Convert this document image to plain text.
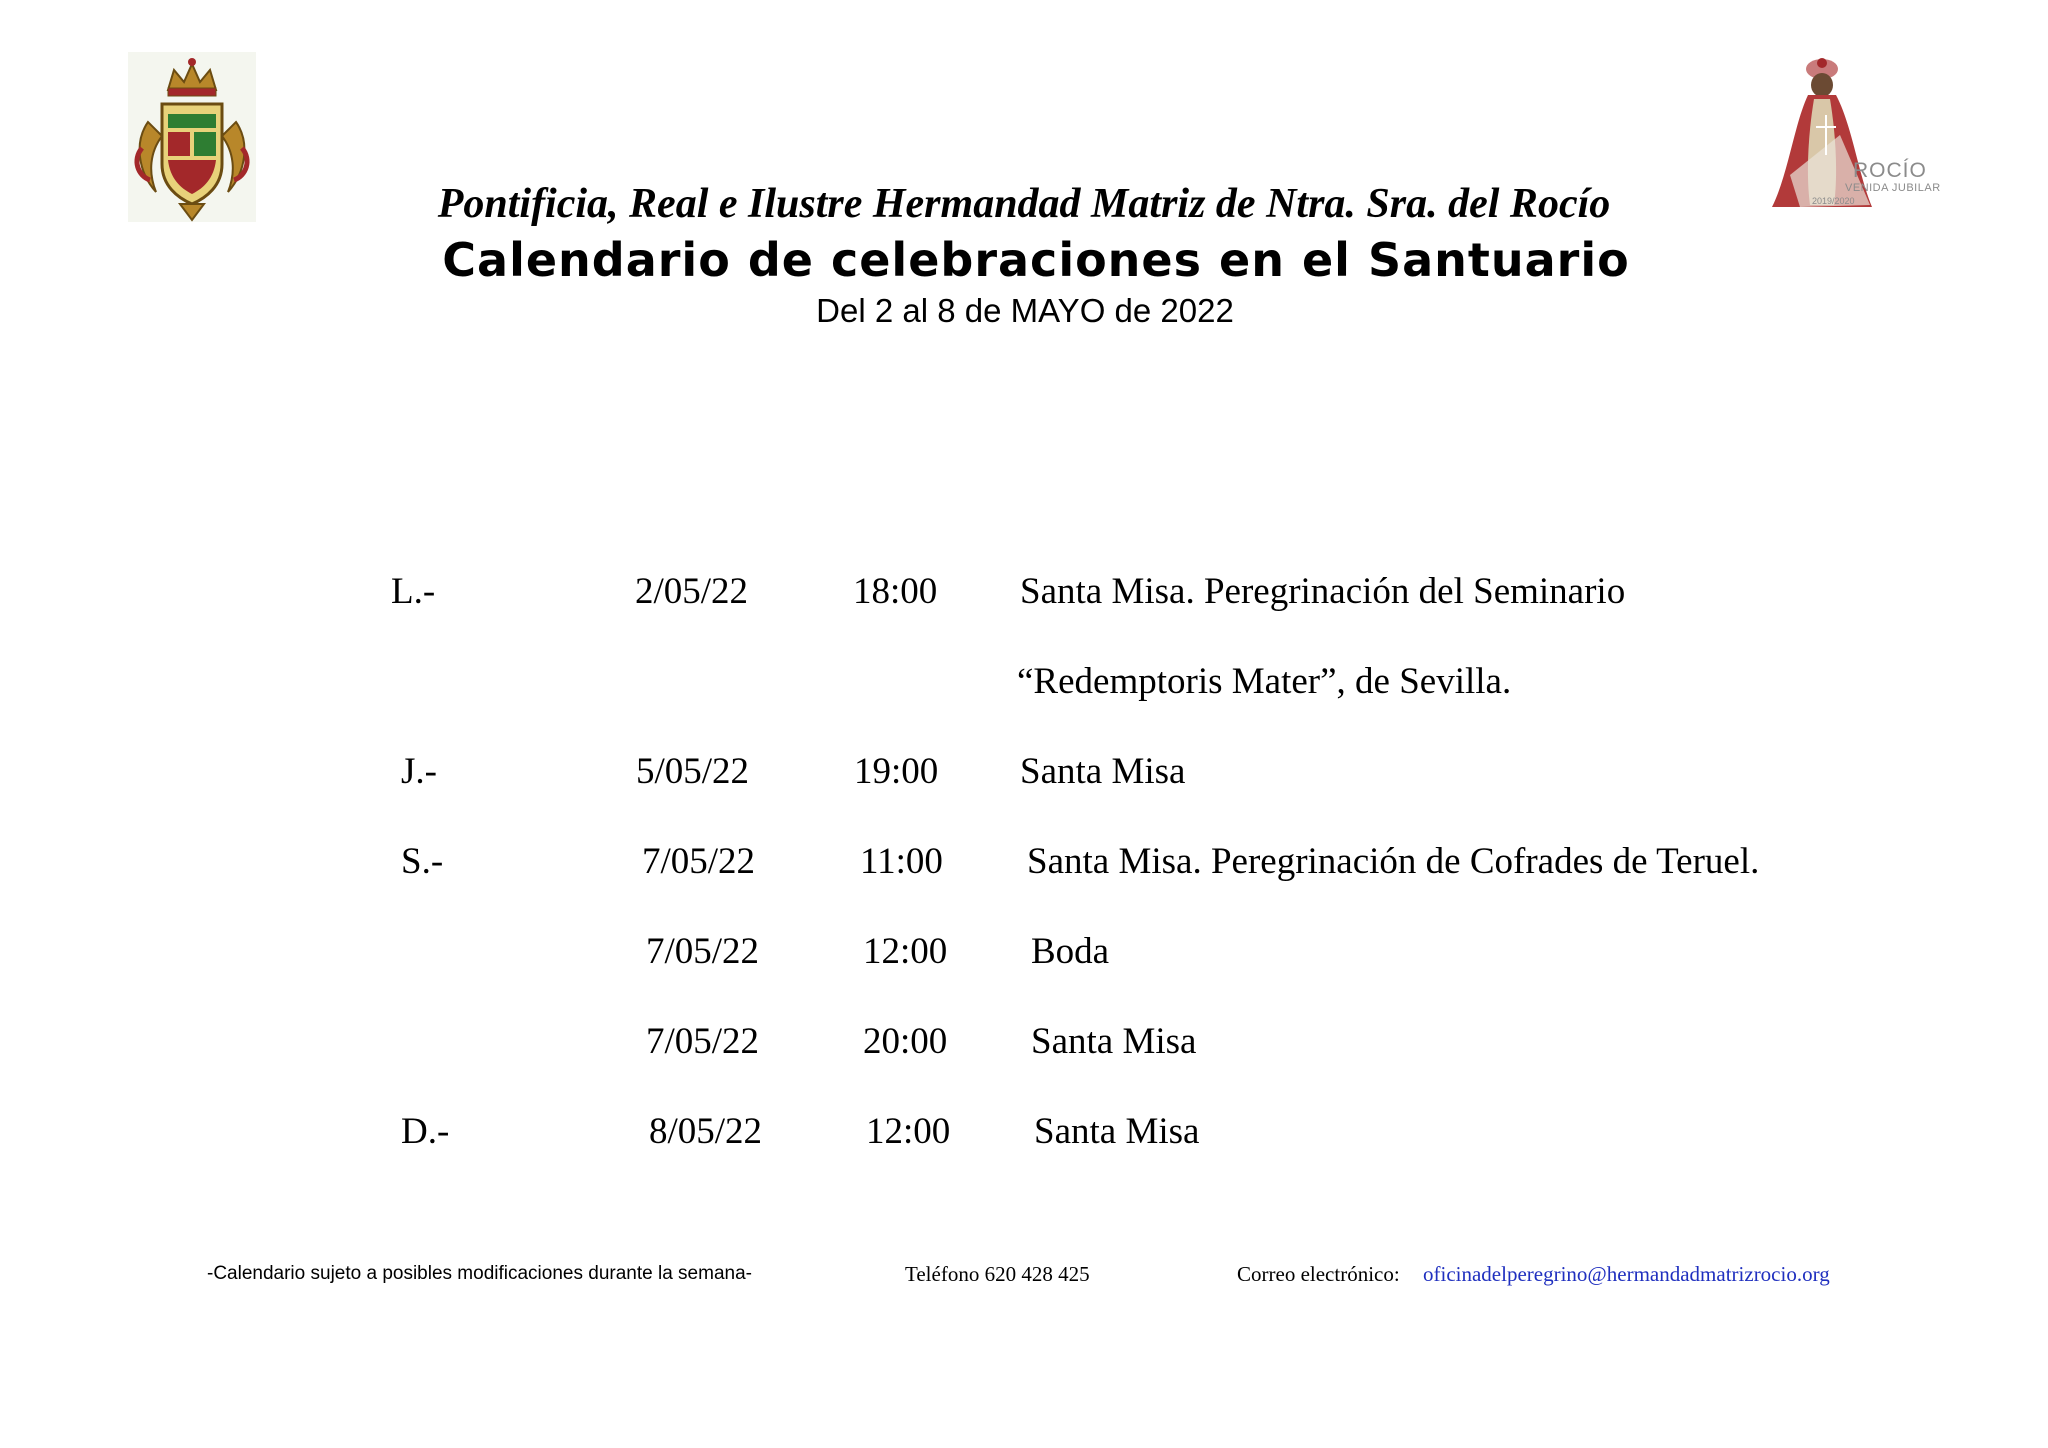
ROCÍO
VENIDA JUBILAR
2019/2020
Pontificia, Real e Ilustre Hermandad Matriz de Ntra. Sra. del Rocío
Calendario de celebraciones en el Santuario
Del 2 al 8 de MAYO de 2022
L.-	2/05/22	18:00 Santa Misa. Peregrinación del Seminario
“Redemptoris Mater”, de Sevilla.
J.-	5/05/22	19:00 Santa Misa
S.-	7/05/22	11:00 Santa Misa. Peregrinación de Cofrades de Teruel.
7/05/22	12:00 Boda
7/05/22	20:00 Santa Misa
D.-	8/05/22	12:00 Santa Misa
-Calendario sujeto a posibles modificaciones durante la semana-	Teléfono 620 428 425	Correo electrónico: oficinadelperegrino@hermandadmatrizrocio.org
